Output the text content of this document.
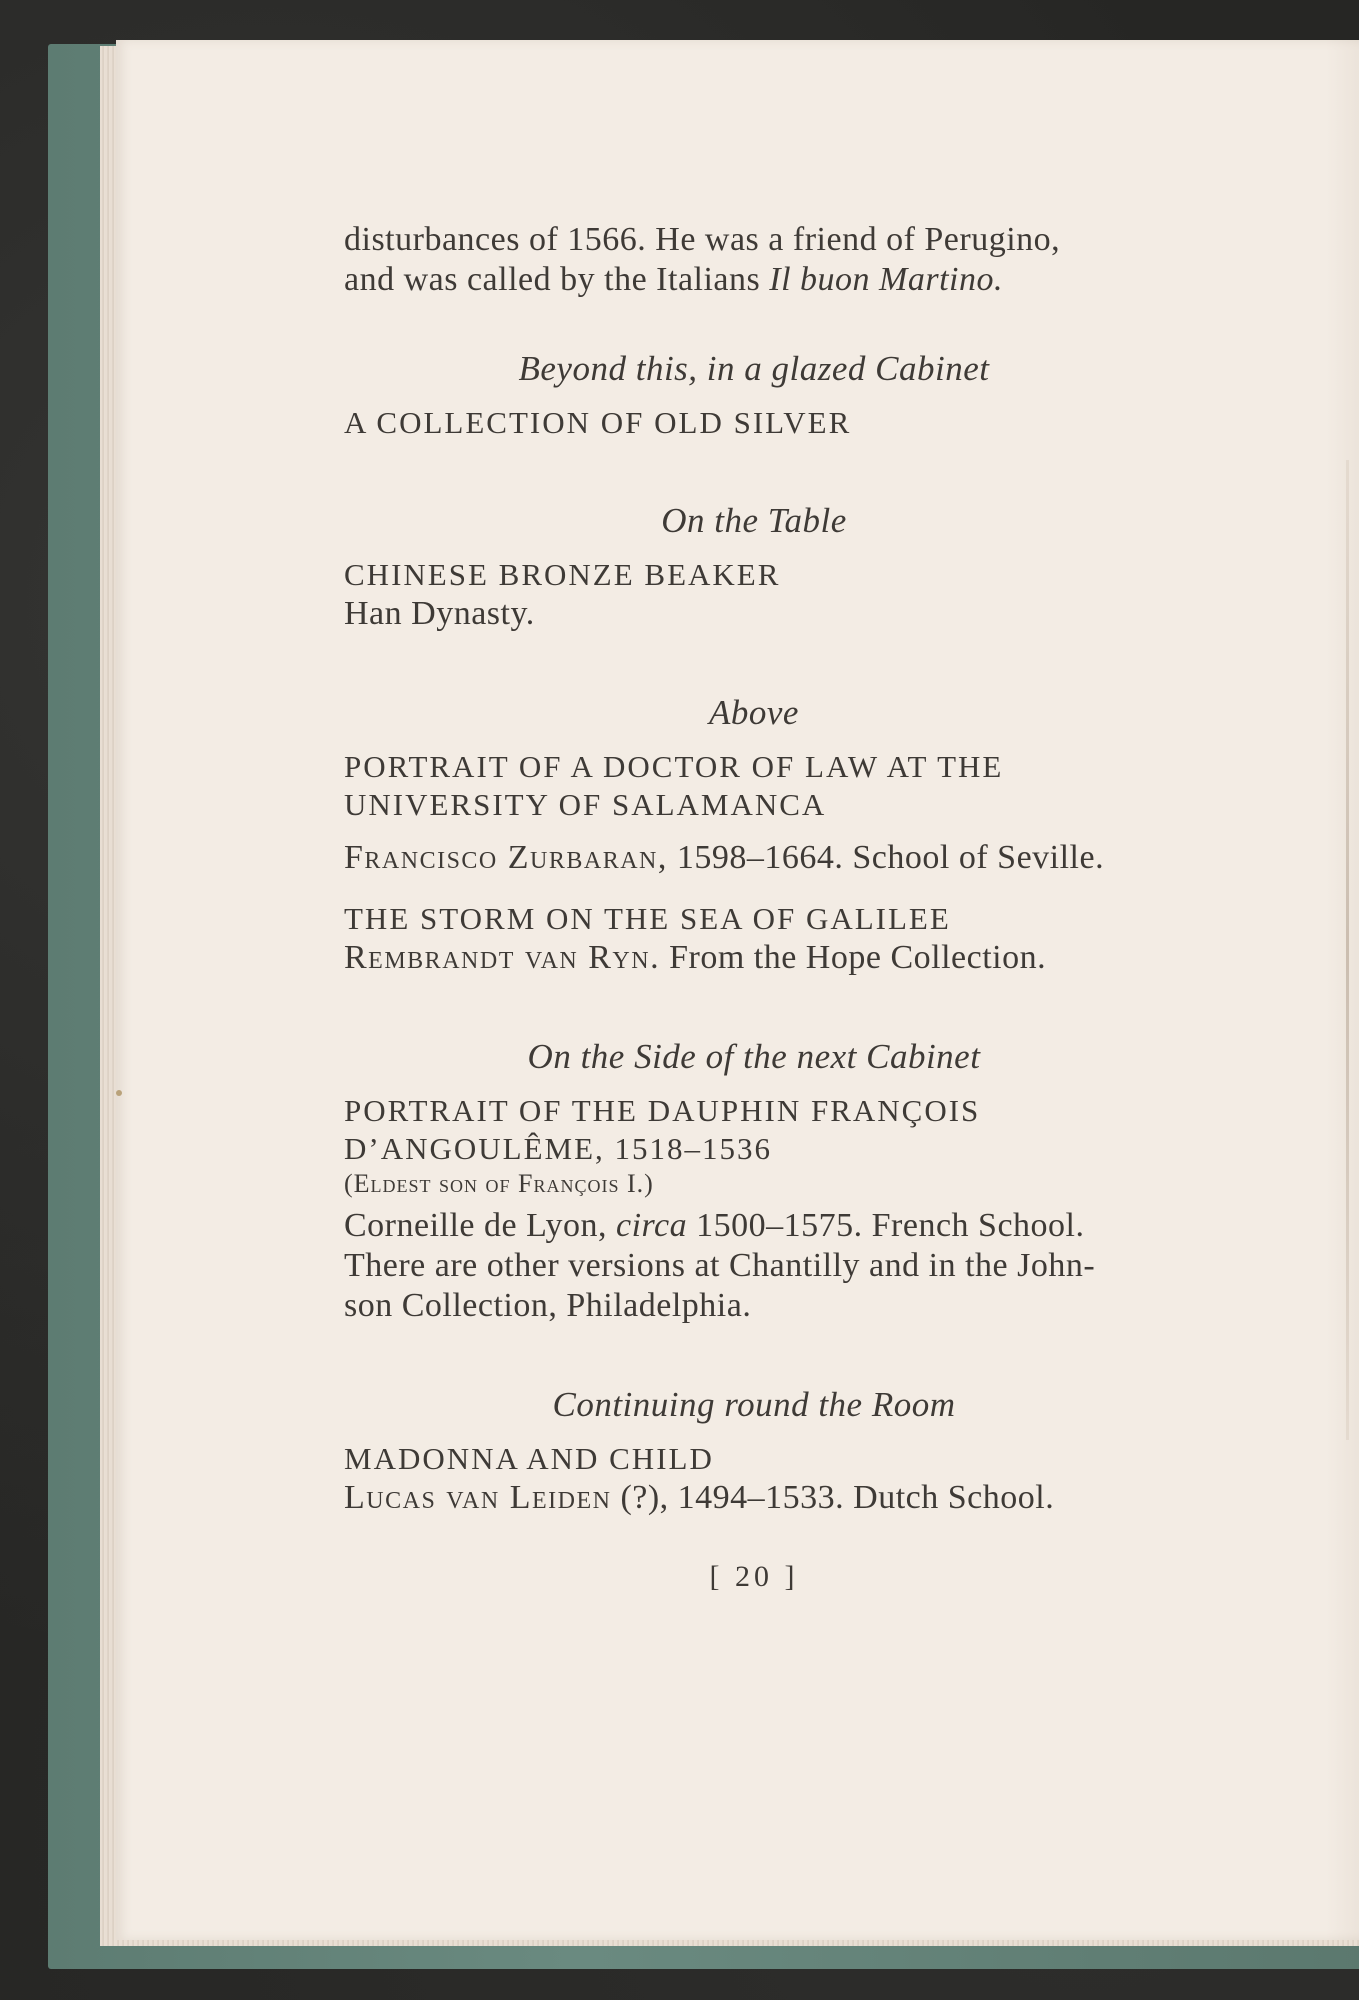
disturbances of 1566. He was a friend of Perugino,
and was called by the Italians Il buon Martino.
Beyond this, in a glazed Cabinet
A COLLECTION OF OLD SILVER
On the Table
CHINESE BRONZE BEAKER
Han Dynasty.
Above
PORTRAIT OF A DOCTOR OF LAW AT THE
UNIVERSITY OF SALAMANCA
Francisco Zurbaran, 1598–1664. School of Seville.
THE STORM ON THE SEA OF GALILEE
Rembrandt van Ryn. From the Hope Collection.
On the Side of the next Cabinet
PORTRAIT OF THE DAUPHIN FRANÇOIS
D’ANGOULÊME, 1518–1536
(Eldest son of François I.)
Corneille de Lyon, circa 1500–1575. French School.
There are other versions at Chantilly and in the John-
son Collection, Philadelphia.
Continuing round the Room
MADONNA AND CHILD
Lucas van Leiden (?), 1494–1533. Dutch School.
[ 20 ]
